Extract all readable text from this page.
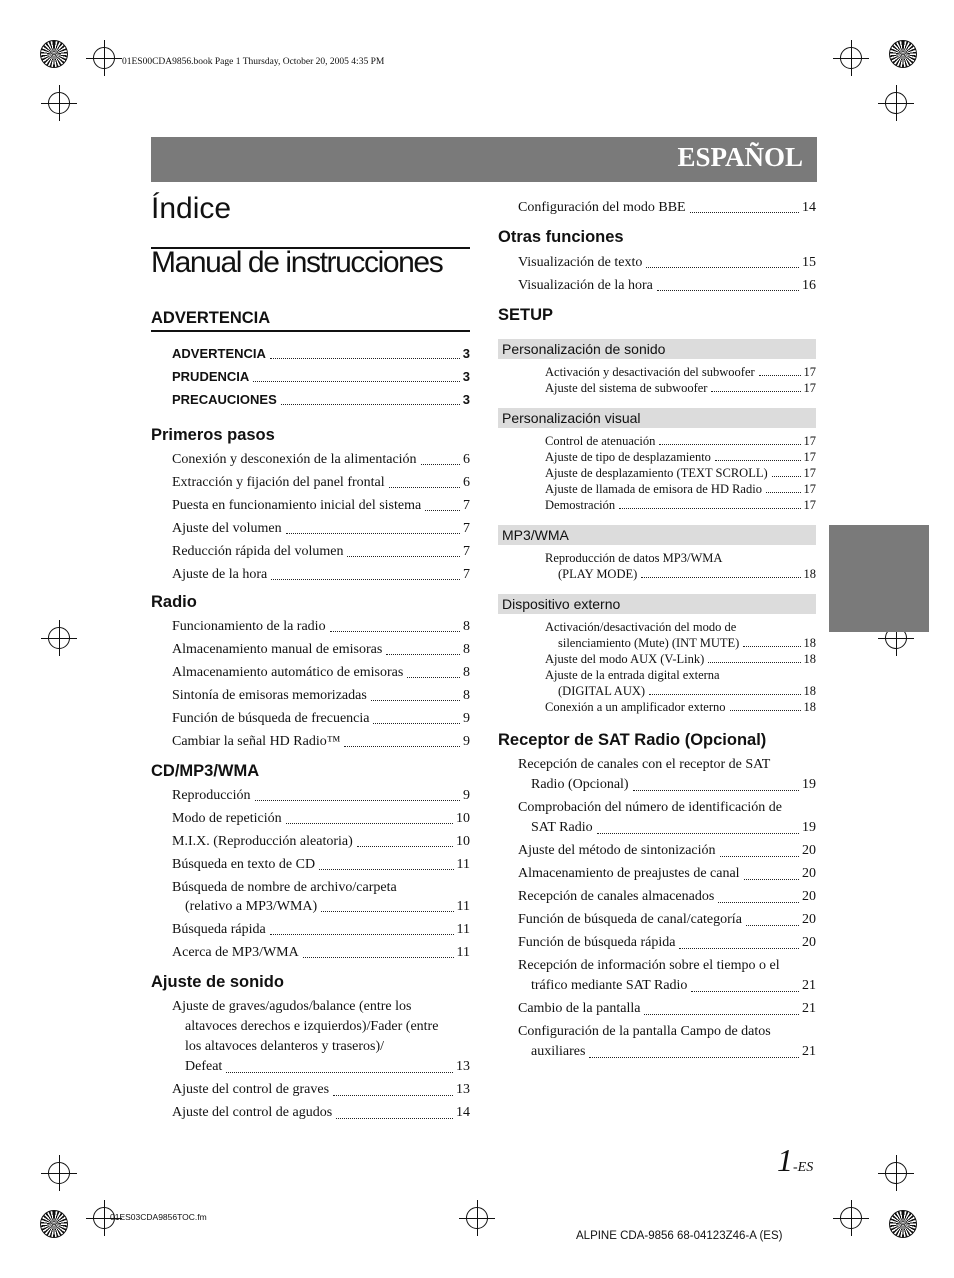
01ES00CDA9856.book Page 1 Thursday, October 20, 2005 4:35 PM
01ES03CDA9856TOC.fm
ESPAÑOL
Índice
Manual de instrucciones

ADVERTENCIA

ADVERTENCIA	3

PRUDENCIA	3

PRECAUCIONES	3

Primeros pasos

Conexión y desconexión de la alimentación	6

Extracción y fijación del panel frontal	6

Puesta en funcionamiento inicial del sistema	7

Ajuste del volumen	7

Reducción rápida del volumen	7

Ajuste de la hora	7

Radio

Funcionamiento de la radio	8

Almacenamiento manual de emisoras	8

Almacenamiento automático de emisoras	8

Sintonía de emisoras memorizadas	8

Función de búsqueda de frecuencia	9

Cambiar la señal HD Radio™	9

CD/MP3/WMA

Reproducción	9

Modo de repetición	10

M.I.X. (Reproducción aleatoria)	10

Búsqueda en texto de CD	11

Búsqueda de nombre de archivo/carpeta

(relativo a MP3/WMA)	11

Búsqueda rápida	11

Acerca de MP3/WMA	11

Ajuste de sonido

Ajuste de graves/agudos/balance (entre los

altavoces derechos e izquierdos)/Fader (entre

los altavoces delanteros y traseros)/

Defeat	13

Ajuste del control de graves	13

Ajuste del control de agudos	14

Configuración del modo BBE	14

Otras funciones

Visualización de texto	15

Visualización de la hora	16

SETUP

Personalización de sonido

Activación y desactivación del subwoofer	17

Ajuste del sistema de subwoofer	17

Personalización visual

Control de atenuación	17

Ajuste de tipo de desplazamiento	17

Ajuste de desplazamiento (TEXT SCROLL)	17

Ajuste de llamada de emisora de HD Radio	17

Demostración	17

MP3/WMA

Reproducción de datos MP3/WMA

(PLAY MODE)	18

Dispositivo externo

Activación/desactivación del modo de

silenciamiento (Mute) (INT MUTE)	18

Ajuste del modo AUX (V-Link)	18

Ajuste de la entrada digital externa

(DIGITAL AUX)	18

Conexión a un amplificador externo	18

Receptor de SAT Radio (Opcional)

Recepción de canales con el receptor de SAT

Radio (Opcional)	19

Comprobación del número de identificación de

SAT Radio	19

Ajuste del método de sintonización	20

Almacenamiento de preajustes de canal	20

Recepción de canales almacenados	20

Función de búsqueda de canal/categoría	20

Función de búsqueda rápida	20

Recepción de información sobre el tiempo o el

tráfico mediante SAT Radio	21

Cambio de la pantalla	21

Configuración de la pantalla Campo de datos

auxiliares	21

1-ES
ALPINE CDA-9856 68-04123Z46-A (ES)
